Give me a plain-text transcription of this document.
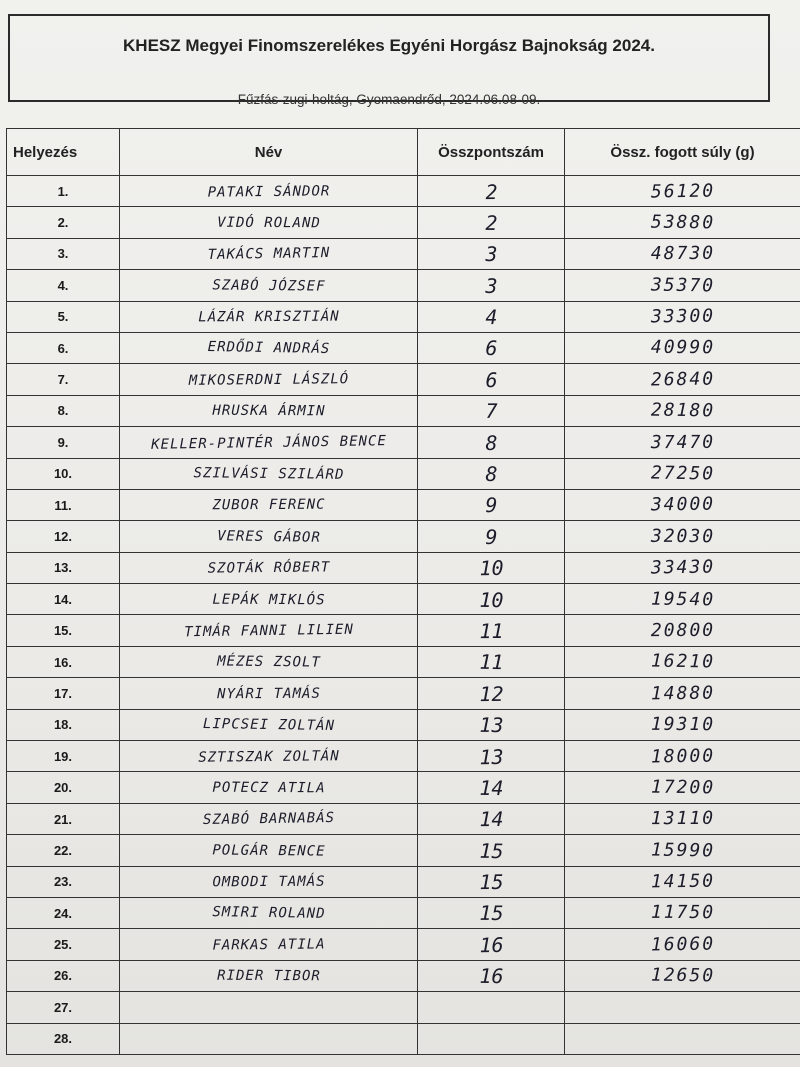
KHESZ Megyei Finomszerelékes Egyéni Horgász Bajnokság 2024.
Fűzfás-zugi-holtág, Gyomaendrőd, 2024.06.08-09.
Helyezés	Név	Összpontszám	Össz. fogott súly (g)
1.	PATAKI SÁNDOR	2	56120
2.	VIDÓ ROLAND	2	53880
3.	TAKÁCS MARTIN	3	48730
4.	SZABÓ JÓZSEF	3	35370
5.	LÁZÁR KRISZTIÁN	4	33300
6.	ERDŐDI ANDRÁS	6	40990
7.	MIKOSERDNI LÁSZLÓ	6	26840
8.	HRUSKA ÁRMIN	7	28180
9.	KELLER-PINTÉR JÁNOS BENCE	8	37470
10.	SZILVÁSI SZILÁRD	8	27250
11.	ZUBOR FERENC	9	34000
12.	VERES GÁBOR	9	32030
13.	SZOTÁK RÓBERT	10	33430
14.	LEPÁK MIKLÓS	10	19540
15.	TIMÁR FANNI LILIEN	11	20800
16.	MÉZES ZSOLT	11	16210
17.	NYÁRI TAMÁS	12	14880
18.	LIPCSEI ZOLTÁN	13	19310
19.	SZTISZAK ZOLTÁN	13	18000
20.	POTECZ ATILA	14	17200
21.	SZABÓ BARNABÁS	14	13110
22.	POLGÁR BENCE	15	15990
23.	OMBODI TAMÁS	15	14150
24.	SMIRI ROLAND	15	11750
25.	FARKAS ATILA	16	16060
26.	RIDER TIBOR	16	12650
27.			
28.			
